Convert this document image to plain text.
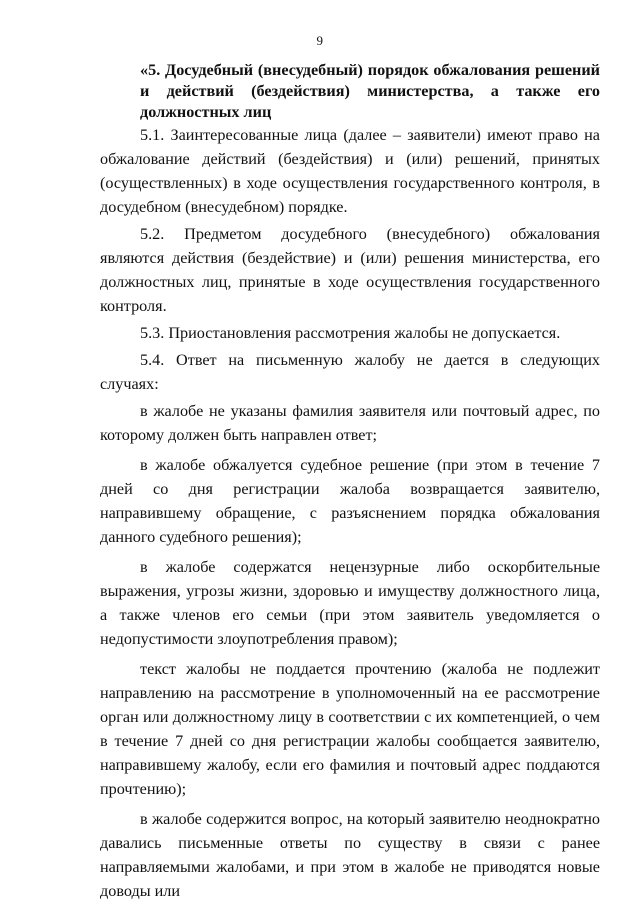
9
«5. Досудебный (внесудебный) порядок обжалования решений и действий (бездействия) министерства, а также его должностных лиц

5.1. Заинтересованные лица (далее – заявители) имеют право на обжалование действий (бездействия) и (или) решений, принятых (осуществленных) в ходе осуществления государственного контроля, в досудебном (внесудебном) порядке.

5.2. Предметом досудебного (внесудебного) обжалования являются действия (бездействие) и (или) решения министерства, его должностных лиц, принятые в ходе осуществления государственного контроля.

5.3. Приостановления рассмотрения жалобы не допускается.

5.4. Ответ на письменную жалобу не дается в следующих случаях:

в жалобе не указаны фамилия заявителя или почтовый адрес, по которому должен быть направлен ответ;

в жалобе обжалуется судебное решение (при этом в течение 7 дней со дня регистрации жалоба возвращается заявителю, направившему обращение, с разъяснением порядка обжалования данного судебного решения);

в жалобе содержатся нецензурные либо оскорбительные выражения, угрозы жизни, здоровью и имуществу должностного лица, а также членов его семьи (при этом заявитель уведомляется о недопустимости злоупотребления правом);

текст жалобы не поддается прочтению (жалоба не подлежит направлению на рассмотрение в уполномоченный на ее рассмотрение орган или должностному лицу в соответствии с их компетенцией, о чем в течение 7 дней со дня регистрации жалобы сообщается заявителю, направившему жалобу, если его фамилия и почтовый адрес поддаются прочтению);

в жалобе содержится вопрос, на который заявителю неоднократно давались письменные ответы по существу в связи с ранее направляемыми жалобами, и при этом в жалобе не приводятся новые доводы или
